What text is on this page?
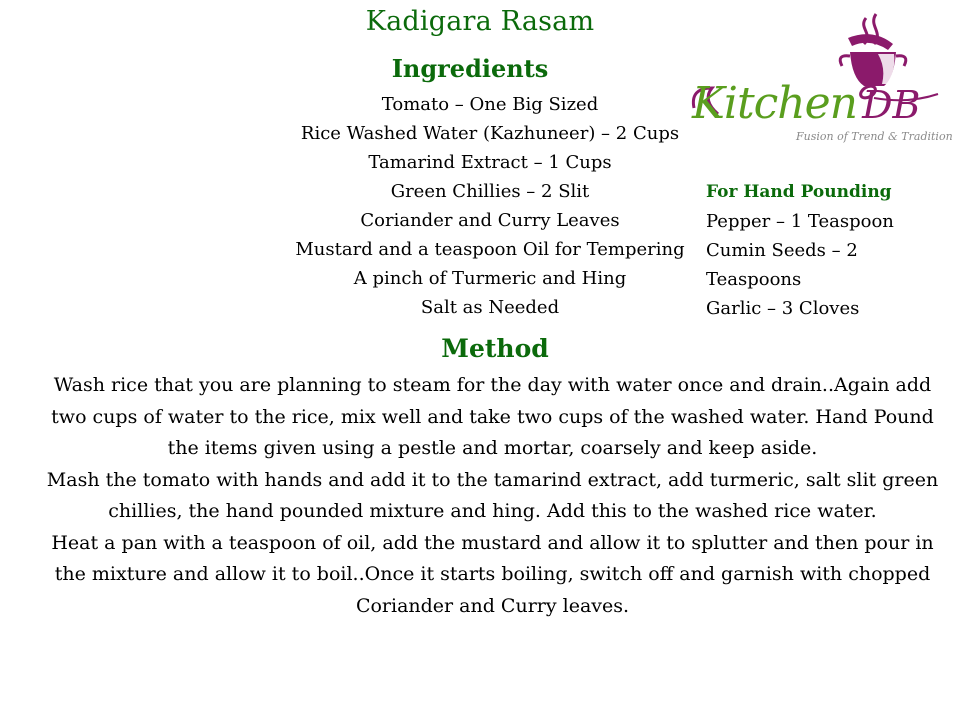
Kadigara Rasam
Ingredients
Tomato – One Big Sized
Rice Washed Water (Kazhuneer) – 2 Cups
Tamarind Extract – 1 Cups
Green Chillies – 2 Slit
Coriander and Curry Leaves
Mustard and a teaspoon Oil for Tempering
A pinch of Turmeric and Hing
Salt as Needed
Kitchen DB
Fusion of Trend & Tradition
For Hand Pounding
Pepper – 1 Teaspoon
Cumin Seeds – 2
Teaspoons
Garlic – 3 Cloves
Method

Wash rice that you are planning to steam for the day with water once and drain..Again add two cups of water to the rice, mix well and take two cups of the washed water. Hand Pound the items given using a pestle and mortar, coarsely and keep aside.

Mash the tomato with hands and add it to the tamarind extract, add turmeric, salt slit green chillies, the hand pounded mixture and hing. Add this to the washed rice water.

Heat a pan with a teaspoon of oil, add the mustard and allow it to splutter and then pour in the mixture and allow it to boil..Once it starts boiling, switch off and garnish with chopped Coriander and Curry leaves.
